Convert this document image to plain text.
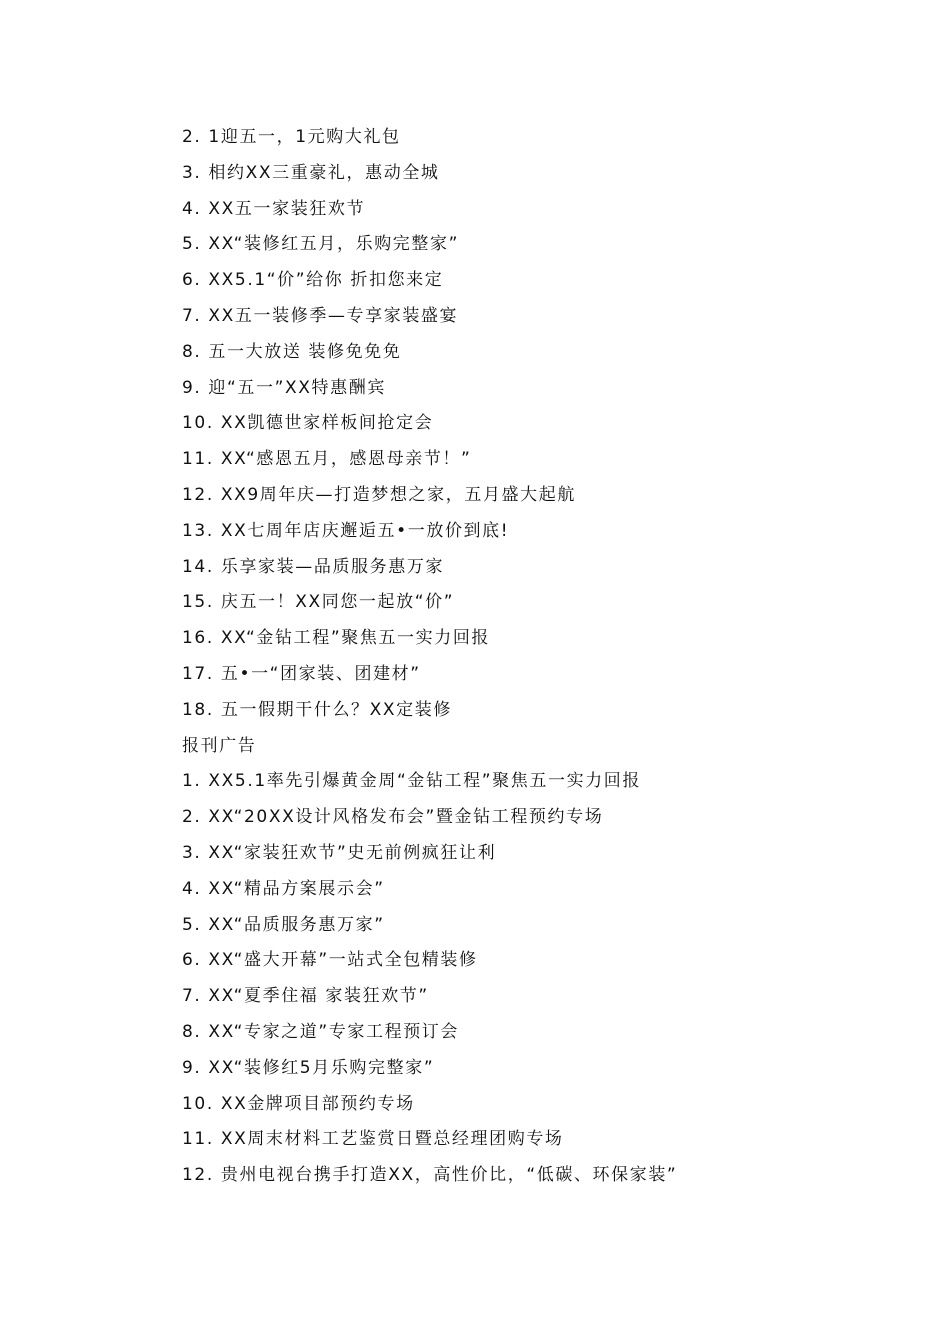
2. 1迎五一，1元购大礼包
3. 相约XX三重豪礼，惠动全城
4. XX五一家装狂欢节
5. XX“装修红五月，乐购完整家”
6. XX5.1“价”给你 折扣您来定
7. XX五一装修季—专享家装盛宴
8. 五一大放送 装修免免免
9. 迎“五一”XX特惠酬宾
10. XX凯德世家样板间抢定会
11. XX“感恩五月，感恩母亲节！”
12. XX9周年庆—打造梦想之家，五月盛大起航
13. XX七周年店庆邂逅五•一放价到底!
14. 乐享家装—品质服务惠万家
15. 庆五一！XX同您一起放“价”
16. XX“金钻工程”聚焦五一实力回报
17. 五•一“团家装、团建材”
18. 五一假期干什么？XX定装修
报刊广告
1. XX5.1率先引爆黄金周“金钻工程”聚焦五一实力回报
2. XX“20XX设计风格发布会”暨金钻工程预约专场
3. XX“家装狂欢节”史无前例疯狂让利
4. XX“精品方案展示会”
5. XX“品质服务惠万家”
6. XX“盛大开幕”一站式全包精装修
7. XX“夏季住福 家装狂欢节”
8. XX“专家之道”专家工程预订会
9. XX“装修红5月乐购完整家”
10. XX金牌项目部预约专场
11. XX周末材料工艺鉴赏日暨总经理团购专场
12. 贵州电视台携手打造XX，高性价比，“低碳、环保家装”
